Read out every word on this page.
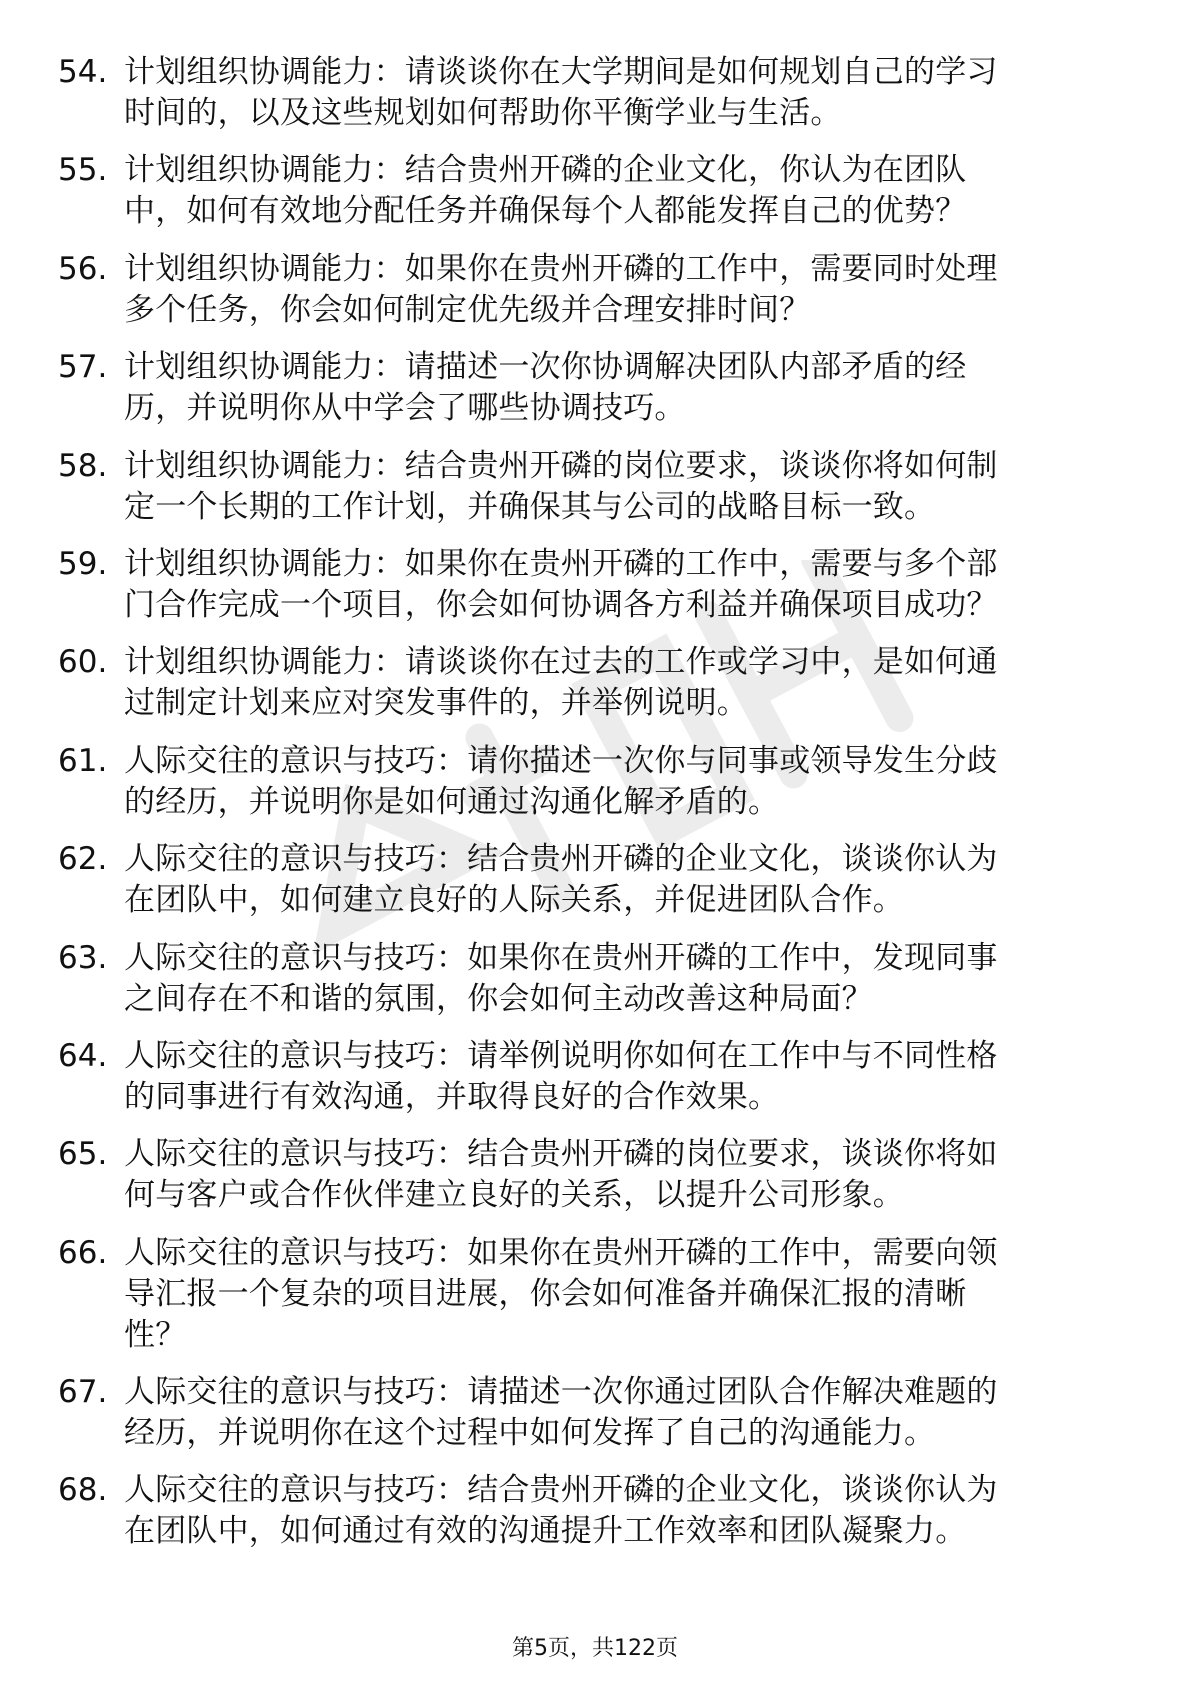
54. 计划组织协调能力：请谈谈你在大学期间是如何规划自己的学习
时间的，以及这些规划如何帮助你平衡学业与生活。
55. 计划组织协调能力：结合贵州开磷的企业文化，你认为在团队
中，如何有效地分配任务并确保每个人都能发挥自己的优势？
56. 计划组织协调能力：如果你在贵州开磷的工作中，需要同时处理
多个任务，你会如何制定优先级并合理安排时间？
57. 计划组织协调能力：请描述一次你协调解决团队内部矛盾的经
历，并说明你从中学会了哪些协调技巧。
58. 计划组织协调能力：结合贵州开磷的岗位要求，谈谈你将如何制
定一个长期的工作计划，并确保其与公司的战略目标一致。
59. 计划组织协调能力：如果你在贵州开磷的工作中，需要与多个部
门合作完成一个项目，你会如何协调各方利益并确保项目成功？
60. 计划组织协调能力：请谈谈你在过去的工作或学习中，是如何通
过制定计划来应对突发事件的，并举例说明。
61. 人际交往的意识与技巧：请你描述一次你与同事或领导发生分歧
的经历，并说明你是如何通过沟通化解矛盾的。
62. 人际交往的意识与技巧：结合贵州开磷的企业文化，谈谈你认为
在团队中，如何建立良好的人际关系，并促进团队合作。
63. 人际交往的意识与技巧：如果你在贵州开磷的工作中，发现同事
之间存在不和谐的氛围，你会如何主动改善这种局面？
64. 人际交往的意识与技巧：请举例说明你如何在工作中与不同性格
的同事进行有效沟通，并取得良好的合作效果。
65. 人际交往的意识与技巧：结合贵州开磷的岗位要求，谈谈你将如
何与客户或合作伙伴建立良好的关系，以提升公司形象。
66. 人际交往的意识与技巧：如果你在贵州开磷的工作中，需要向领
导汇报一个复杂的项目进展，你会如何准备并确保汇报的清晰
性？
67. 人际交往的意识与技巧：请描述一次你通过团队合作解决难题的
经历，并说明你在这个过程中如何发挥了自己的沟通能力。
68. 人际交往的意识与技巧：结合贵州开磷的企业文化，谈谈你认为
在团队中，如何通过有效的沟通提升工作效率和团队凝聚力。
第5页，共122页
